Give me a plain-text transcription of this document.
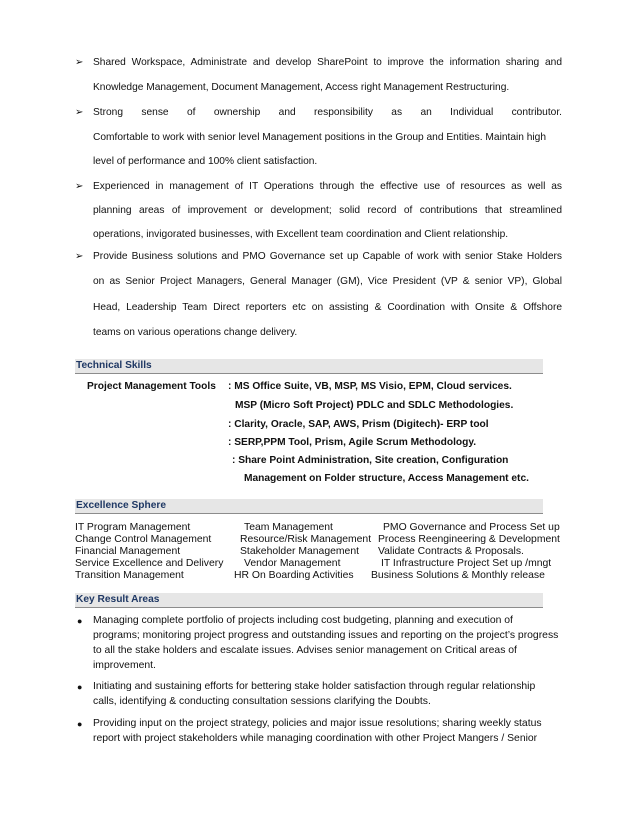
➢ Shared Workspace, Administrate and develop SharePoint to improve the information sharing and
Knowledge Management, Document Management, Access right Management Restructuring.
➢ Strong sense of ownership and responsibility as an Individual contributor.
Comfortable to work with senior level Management positions in the Group and Entities. Maintain high
level of performance and 100% client satisfaction.
➢ Experienced in management of IT Operations through the effective use of resources as well as
planning areas of improvement or development; solid record of contributions that streamlined
operations, invigorated businesses, with Excellent team coordination and Client relationship.
➢ Provide Business solutions and PMO Governance set up Capable of work with senior Stake Holders
on as Senior Project Managers, General Manager (GM), Vice President (VP & senior VP), Global
Head, Leadership Team Direct reporters etc on assisting & Coordination with Onsite & Offshore
teams on various operations change delivery.
Technical Skills
Project Management Tools : MS Office Suite, VB, MSP, MS Visio, EPM, Cloud services.
MSP (Micro Soft Project) PDLC and SDLC Methodologies.
: Clarity, Oracle, SAP, AWS, Prism (Digitech)- ERP tool
: SERP,PPM Tool, Prism, Agile Scrum Methodology.
: Share Point Administration, Site creation, Configuration
Management on Folder structure, Access Management etc.
Excellence Sphere
IT Program Management
Change Control Management
Financial Management
Service Excellence and Delivery
Transition Management
Team Management
Resource/Risk Management
Stakeholder Management
Vendor Management
HR On Boarding Activities
PMO Governance and Process Set up
Process Reengineering & Development
Validate Contracts & Proposals.
IT Infrastructure Project Set up /mngt
Business Solutions & Monthly release
Key Result Areas
● Managing complete portfolio of projects including cost budgeting, planning and execution of
programs; monitoring project progress and outstanding issues and reporting on the project’s progress
to all the stake holders and escalate issues. Advises senior management on Critical areas of
improvement.
● Initiating and sustaining efforts for bettering stake holder satisfaction through regular relationship
calls, identifying & conducting consultation sessions clarifying the Doubts.
● Providing input on the project strategy, policies and major issue resolutions; sharing weekly status
report with project stakeholders while managing coordination with other Project Mangers / Senior
